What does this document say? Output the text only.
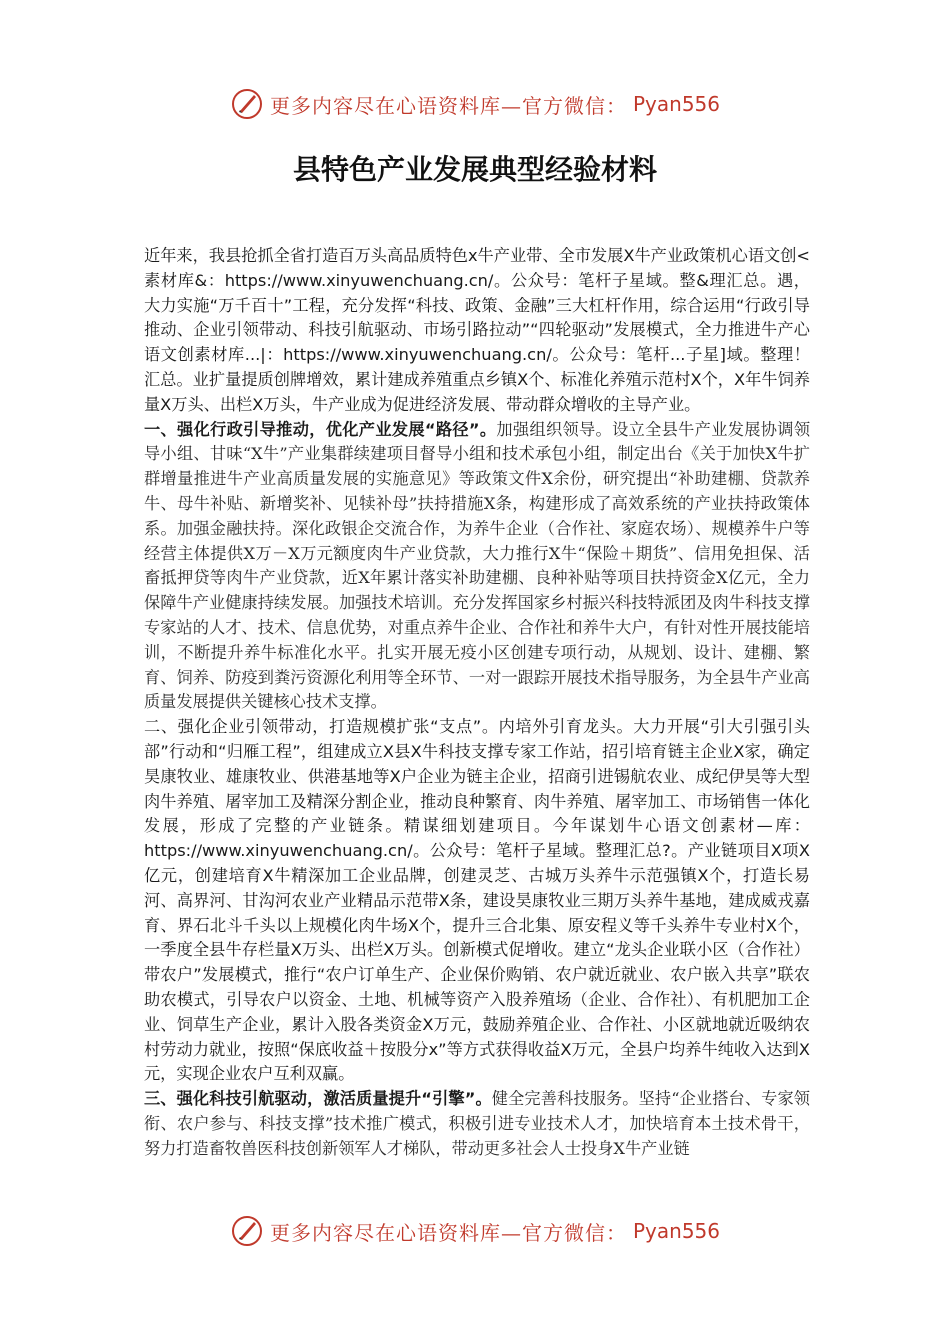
更多内容尽在心语资料库—官方微信： Pyan556
县特色产业发展典型经验材料

近年来，我县抢抓全省打造百万头高品质特色x牛产业带、全市发展X牛产业政策机心语文创<素材库&：https://www.xinyuwenchuang.cn/。公众号：笔杆子星域。整&理汇总。遇，大力实施“万千百十”工程，充分发挥“科技、政策、金融”三大杠杆作用，综合运用“行政引导推动、企业引领带动、科技引航驱动、市场引路拉动”“四轮驱动”发展模式，全力推进牛产心语文创素材库...|：https://www.xinyuwenchuang.cn/。公众号：笔杆...子星]域。整理！汇总。业扩量提质创牌增效，累计建成养殖重点乡镇X个、标准化养殖示范村X个，X年牛饲养量X万头、出栏X万头，牛产业成为促进经济发展、带动群众增收的主导产业。

一、强化行政引导推动，优化产业发展“路径”。加强组织领导。设立全县牛产业发展协调领导小组、甘味“X牛”产业集群续建项目督导小组和技术承包小组，制定出台《关于加快X牛扩群增量推进牛产业高质量发展的实施意见》等政策文件X余份，研究提出“补助建棚、贷款养牛、母牛补贴、新增奖补、见犊补母”扶持措施X条，构建形成了高效系统的产业扶持政策体系。加强金融扶持。深化政银企交流合作，为养牛企业（合作社、家庭农场）、规模养牛户等经营主体提供X万－X万元额度肉牛产业贷款，大力推行X牛“保险＋期货”、信用免担保、活畜抵押贷等肉牛产业贷款，近X年累计落实补助建棚、良种补贴等项目扶持资金X亿元，全力保障牛产业健康持续发展。加强技术培训。充分发挥国家乡村振兴科技特派团及肉牛科技支撑专家站的人才、技术、信息优势，对重点养牛企业、合作社和养牛大户，有针对性开展技能培训，不断提升养牛标准化水平。扎实开展无疫小区创建专项行动，从规划、设计、建棚、繁育、饲养、防疫到粪污资源化利用等全环节、一对一跟踪开展技术指导服务，为全县牛产业高质量发展提供关键核心技术支撑。

二、强化企业引领带动，打造规模扩张“支点”。内培外引育龙头。大力开展“引大引强引头部”行动和“归雁工程”，组建成立X县X牛科技支撑专家工作站，招引培育链主企业X家，确定昊康牧业、雄康牧业、供港基地等X户企业为链主企业，招商引进锡航农业、成纪伊昊等大型肉牛养殖、屠宰加工及精深分割企业，推动良种繁育、肉牛养殖、屠宰加工、市场销售一体化发展，形成了完整的产业链条。精谋细划建项目。今年谋划牛心语文创素材—库：https://www.xinyuwenchuang.cn/。公众号：笔杆子星域。整理汇总?。产业链项目X项X亿元，创建培育X牛精深加工企业品牌，创建灵芝、古城万头养牛示范强镇X个，打造长易河、高界河、甘沟河农业产业精品示范带X条，建设昊康牧业三期万头养牛基地，建成威戎嘉育、界石北斗千头以上规模化肉牛场X个，提升三合北集、原安程义等千头养牛专业村X个，一季度全县牛存栏量X万头、出栏X万头。创新模式促增收。建立“龙头企业联小区（合作社）带农户”发展模式，推行“农户订单生产、企业保价购销、农户就近就业、农户嵌入共享”联农助农模式，引导农户以资金、土地、机械等资产入股养殖场（企业、合作社）、有机肥加工企业、饲草生产企业，累计入股各类资金X万元，鼓励养殖企业、合作社、小区就地就近吸纳农村劳动力就业，按照“保底收益＋按股分x”等方式获得收益X万元，全县户均养牛纯收入达到X元，实现企业农户互利双赢。

三、强化科技引航驱动，激活质量提升“引擎”。健全完善科技服务。坚持“企业搭台、专家领衔、农户参与、科技支撑”技术推广模式，积极引进专业技术人才，加快培育本土技术骨干，努力打造畜牧兽医科技创新领军人才梯队，带动更多社会人士投身X牛产业链

更多内容尽在心语资料库—官方微信： Pyan556
